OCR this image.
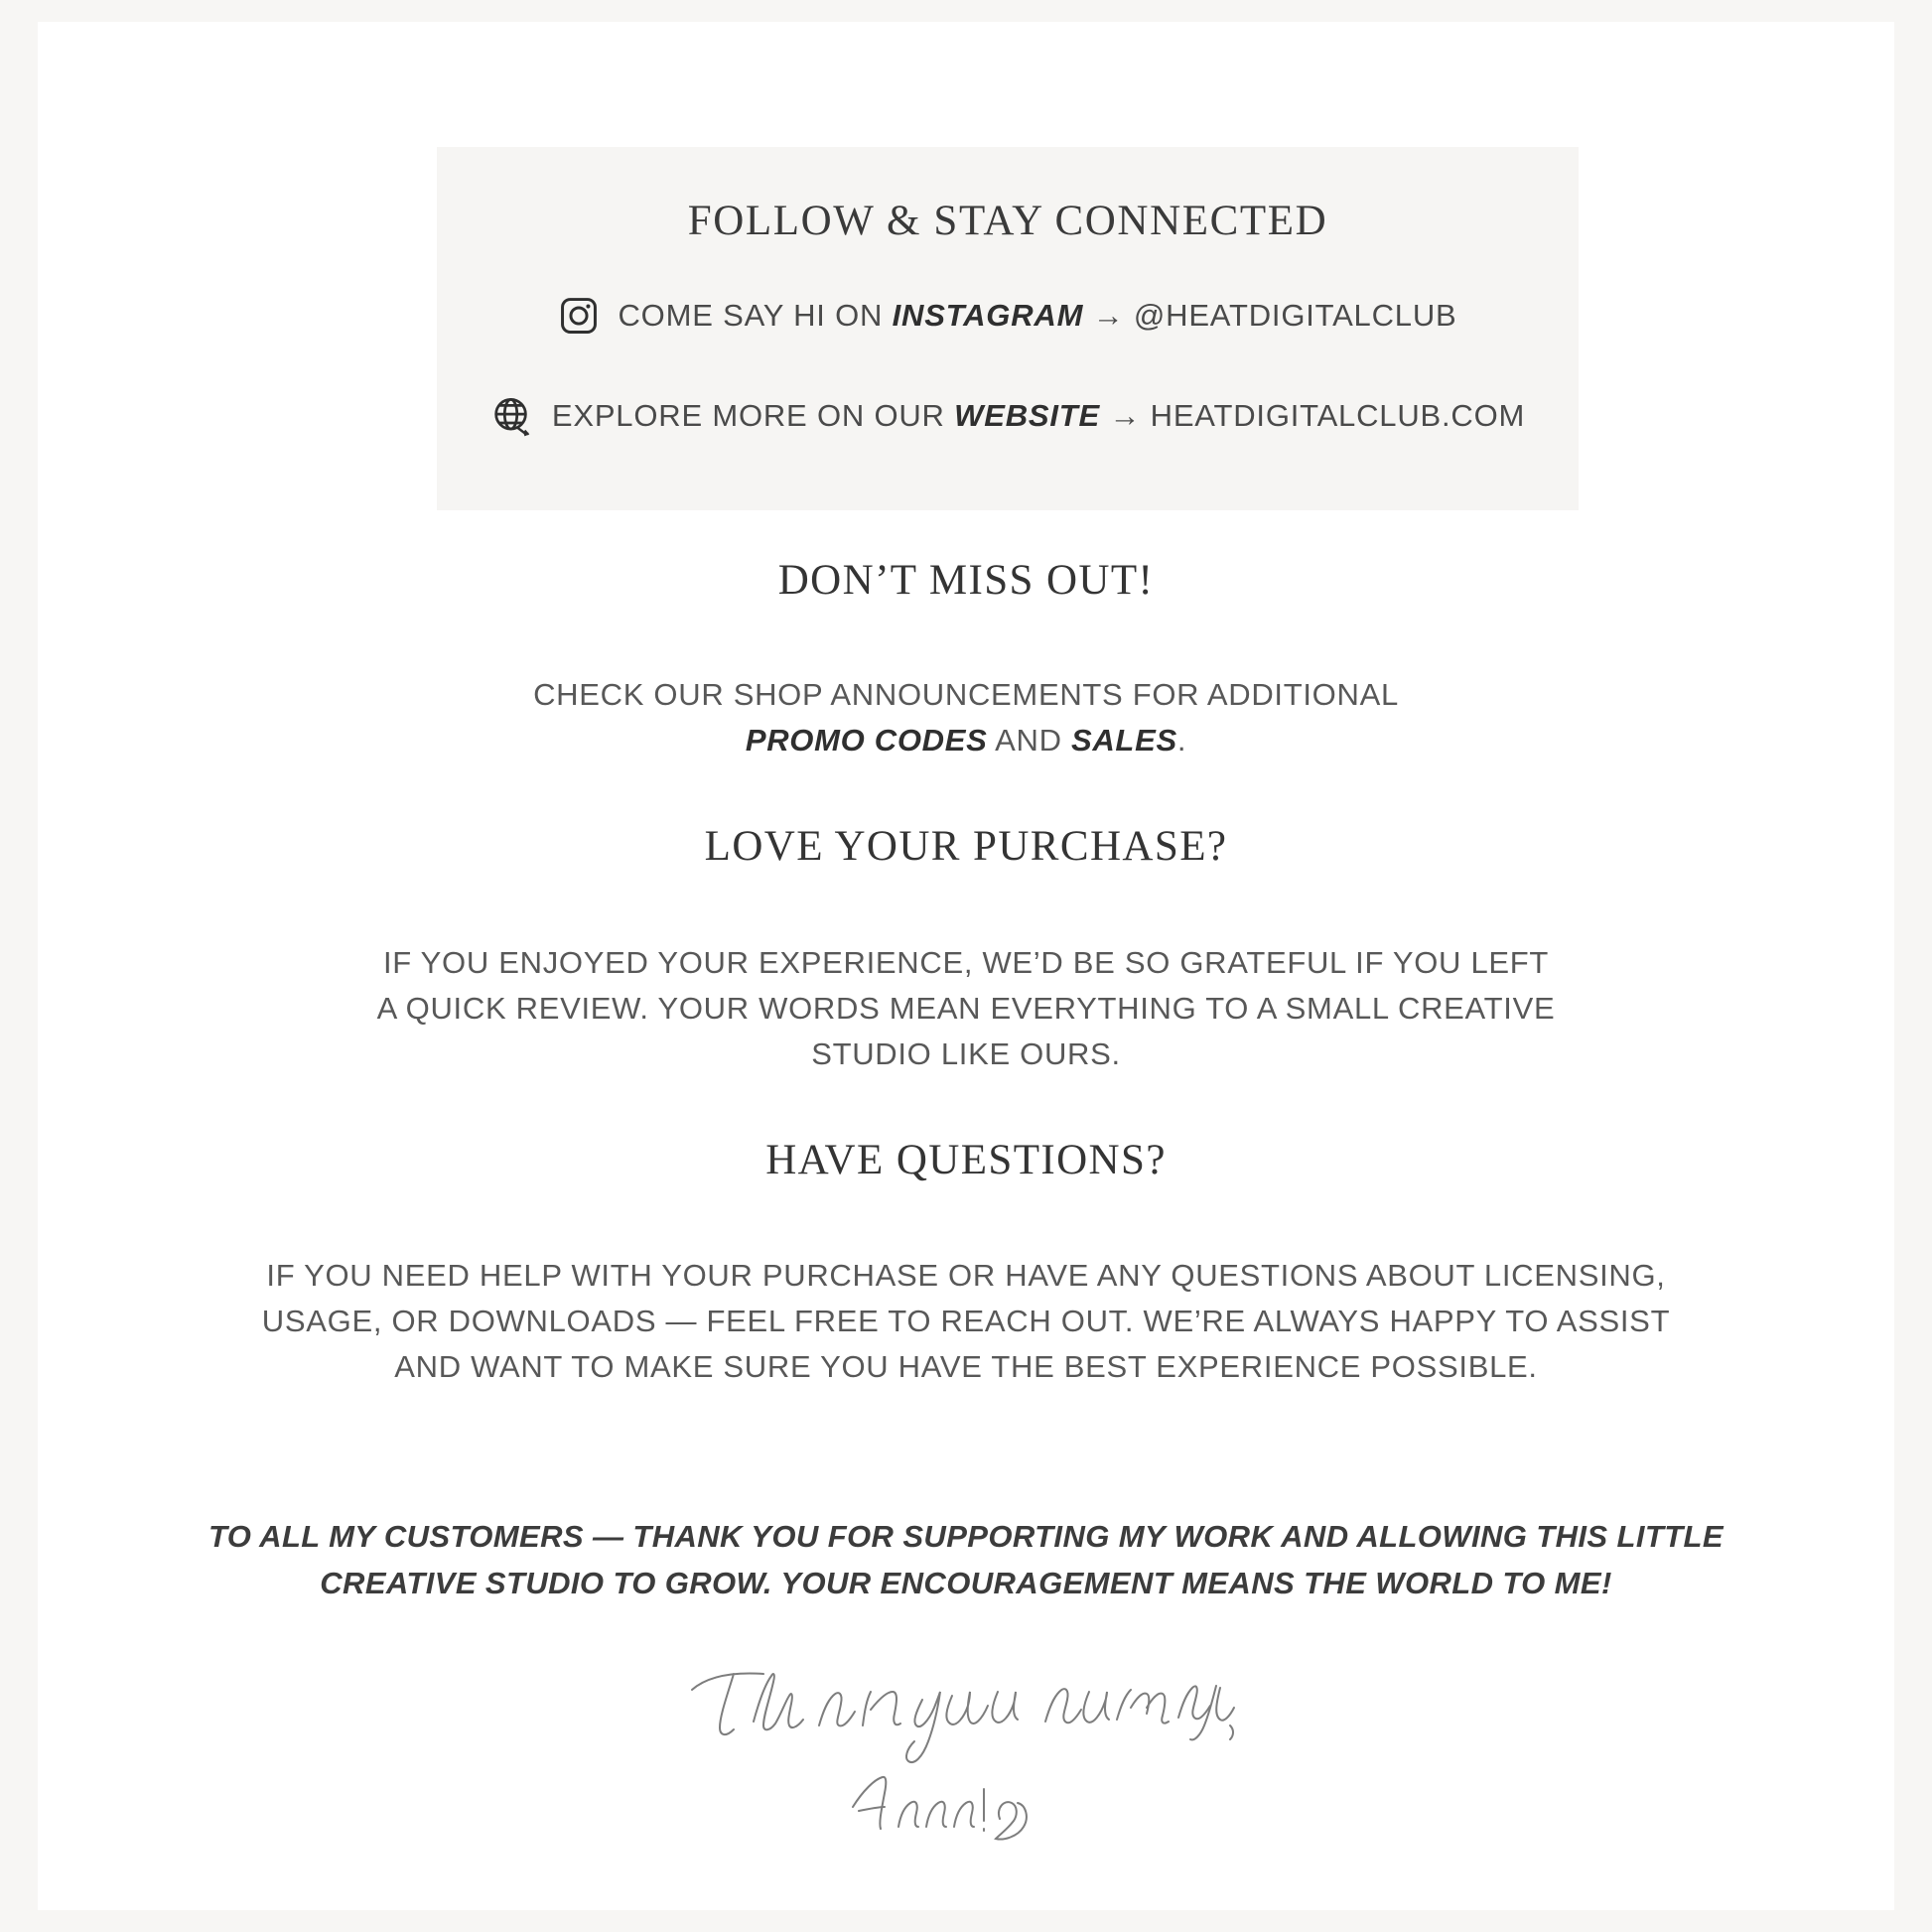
FOLLOW & STAY CONNECTED
COME SAY HI ON INSTAGRAM → @HEATDIGITALCLUB
EXPLORE MORE ON OUR WEBSITE → HEATDIGITALCLUB.COM
DON’T MISS OUT!
CHECK OUR SHOP ANNOUNCEMENTS FOR ADDITIONAL
PROMO CODES AND SALES.
LOVE YOUR PURCHASE?
IF YOU ENJOYED YOUR EXPERIENCE, WE’D BE SO GRATEFUL IF YOU LEFT A QUICK REVIEW. YOUR WORDS MEAN EVERYTHING TO A SMALL CREATIVE STUDIO LIKE OURS.
HAVE QUESTIONS?
IF YOU NEED HELP WITH YOUR PURCHASE OR HAVE ANY QUESTIONS ABOUT LICENSING, USAGE, OR DOWNLOADS — FEEL FREE TO REACH OUT. WE’RE ALWAYS HAPPY TO ASSIST AND WANT TO MAKE SURE YOU HAVE THE BEST EXPERIENCE POSSIBLE.
TO ALL MY CUSTOMERS — THANK YOU FOR SUPPORTING MY WORK AND ALLOWING THIS LITTLE CREATIVE STUDIO TO GROW. YOUR ENCOURAGEMENT MEANS THE WORLD TO ME!
